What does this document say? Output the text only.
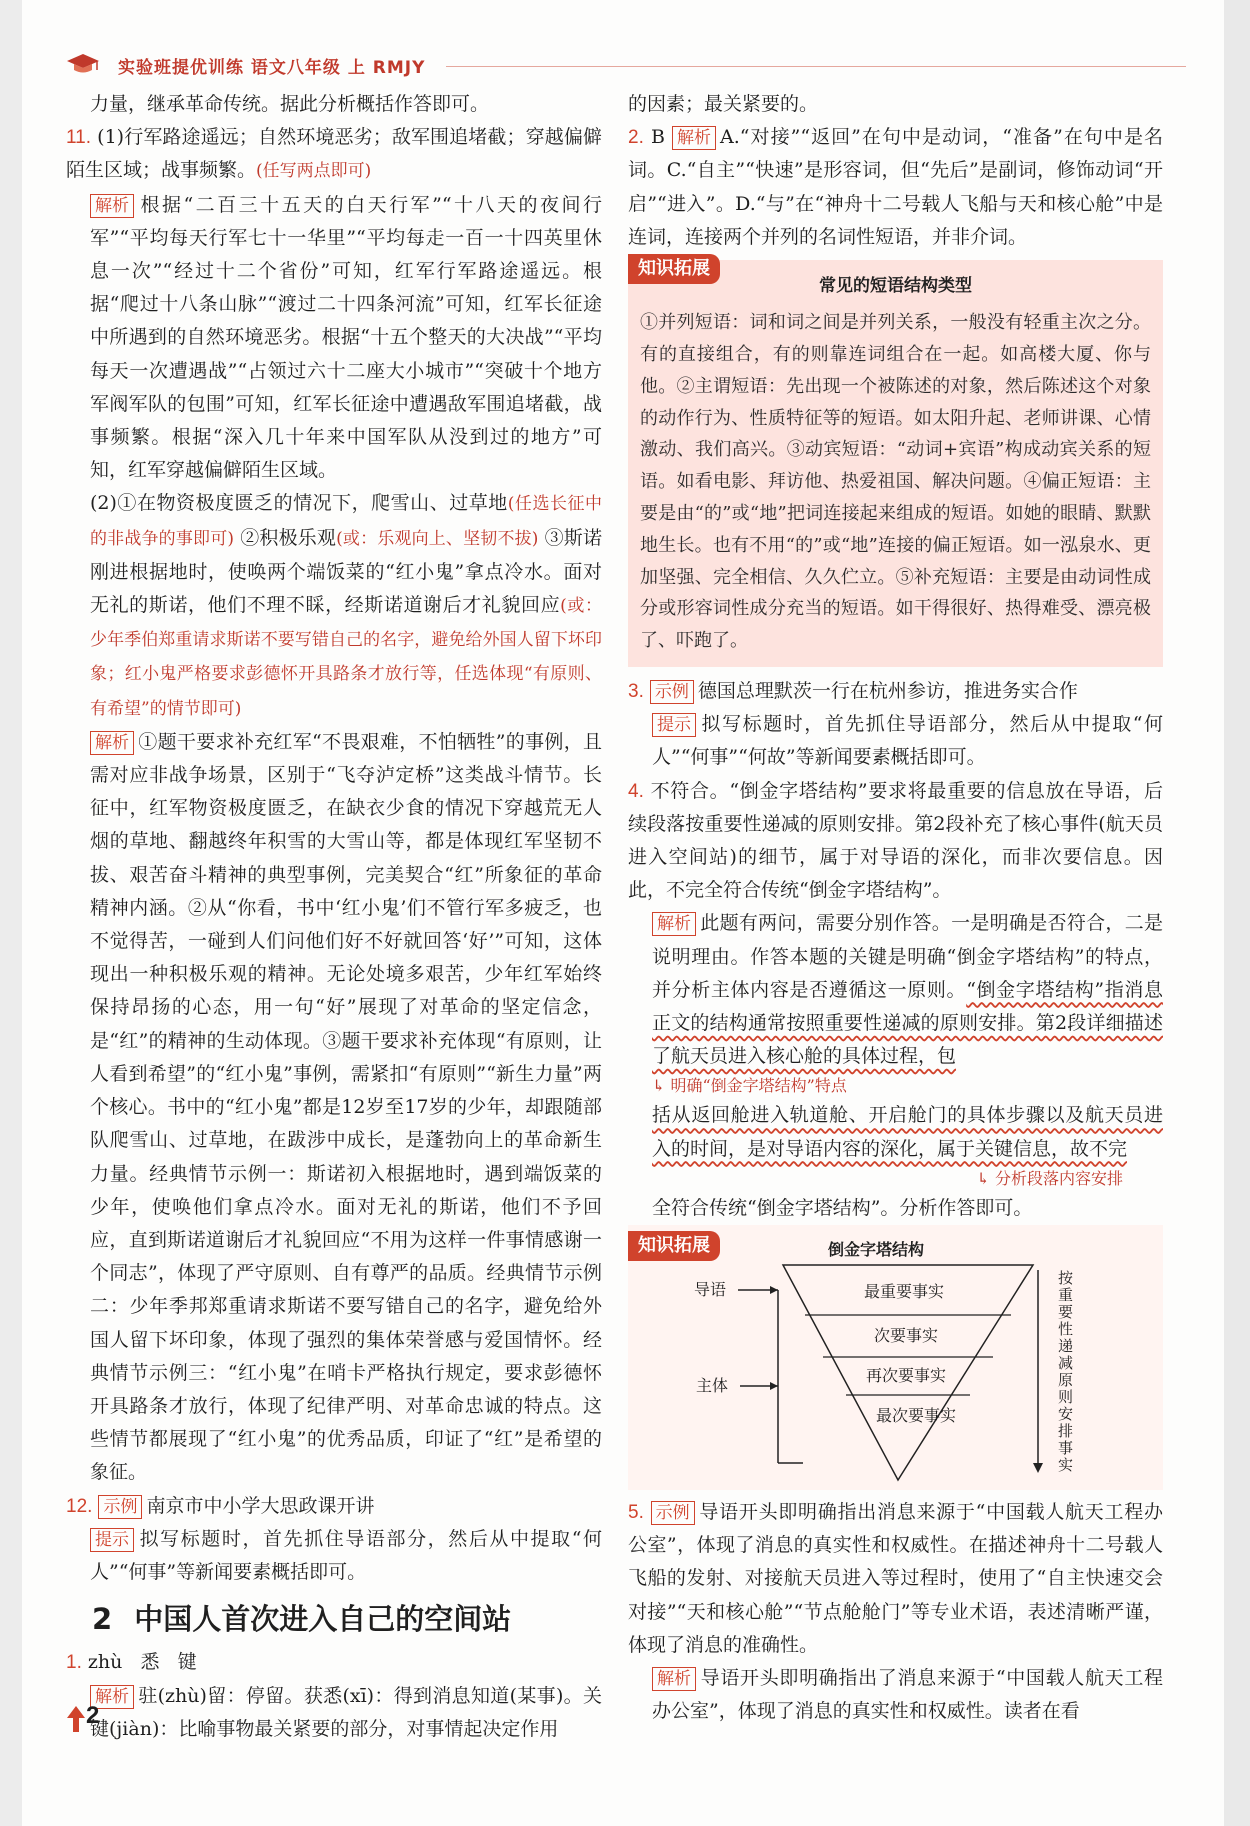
实验班提优训练 语文八年级 上 RMJY

力量，继承革命传统。据此分析概括作答即可。

11. (1)行军路途遥远；自然环境恶劣；敌军围追堵截；穿越偏僻陌生区域；战事频繁。(任写两点即可)

解析 根据“二百三十五天的白天行军”“十八天的夜间行军”“平均每天行军七十一华里”“平均每走一百一十四英里休息一次”“经过十二个省份”可知，红军行军路途遥远。根据“爬过十八条山脉”“渡过二十四条河流”可知，红军长征途中所遇到的自然环境恶劣。根据“十五个整天的大决战”“平均每天一次遭遇战”“占领过六十二座大小城市”“突破十个地方军阀军队的包围”可知，红军长征途中遭遇敌军围追堵截，战事频繁。根据“深入几十年来中国军队从没到过的地方”可知，红军穿越偏僻陌生区域。

(2)①在物资极度匮乏的情况下，爬雪山、过草地(任选长征中的非战争的事即可) ②积极乐观(或：乐观向上、坚韧不拔) ③斯诺刚进根据地时，使唤两个端饭菜的“红小鬼”拿点冷水。面对无礼的斯诺，他们不理不睬，经斯诺道谢后才礼貌回应(或：少年季伯郑重请求斯诺不要写错自己的名字，避免给外国人留下坏印象；红小鬼严格要求彭德怀开具路条才放行等，任选体现“有原则、有希望”的情节即可)

解析 ①题干要求补充红军“不畏艰难，不怕牺牲”的事例，且需对应非战争场景，区别于“飞夺泸定桥”这类战斗情节。长征中，红军物资极度匮乏，在缺衣少食的情况下穿越荒无人烟的草地、翻越终年积雪的大雪山等，都是体现红军坚韧不拔、艰苦奋斗精神的典型事例，完美契合“红”所象征的革命精神内涵。②从“你看，书中‘红小鬼’们不管行军多疲乏，也不觉得苦，一碰到人们问他们好不好就回答‘好’”可知，这体现出一种积极乐观的精神。无论处境多艰苦，少年红军始终保持昂扬的心态，用一句“好”展现了对革命的坚定信念，是“红”的精神的生动体现。③题干要求补充体现“有原则，让人看到希望”的“红小鬼”事例，需紧扣“有原则”“新生力量”两个核心。书中的“红小鬼”都是12岁至17岁的少年，却跟随部队爬雪山、过草地，在跋涉中成长，是蓬勃向上的革命新生力量。经典情节示例一：斯诺初入根据地时，遇到端饭菜的少年，使唤他们拿点冷水。面对无礼的斯诺，他们不予回应，直到斯诺道谢后才礼貌回应“不用为这样一件事情感谢一个同志”，体现了严守原则、自有尊严的品质。经典情节示例二：少年季邦郑重请求斯诺不要写错自己的名字，避免给外国人留下坏印象，体现了强烈的集体荣誉感与爱国情怀。经典情节示例三：“红小鬼”在哨卡严格执行规定，要求彭德怀开具路条才放行，体现了纪律严明、对革命忠诚的特点。这些情节都展现了“红小鬼”的优秀品质，印证了“红”是希望的象征。

12. 示例 南京市中小学大思政课开讲

提示 拟写标题时，首先抓住导语部分，然后从中提取“何人”“何事”等新闻要素概括即可。

2 中国人首次进入自己的空间站

1. zhù   悉   键

解析 驻(zhù)留：停留。获悉(xī)：得到消息知道(某事)。关键(jiàn)：比喻事物最关紧要的部分，对事情起决定作用

的因素；最关紧要的。

2. B 解析 A.“对接”“返回”在句中是动词，“准备”在句中是名词。C.“自主”“快速”是形容词，但“先后”是副词，修饰动词“开启”“进入”。D.“与”在“神舟十二号载人飞船与天和核心舱”中是连词，连接两个并列的名词性短语，并非介词。

知识拓展
常见的短语结构类型
①并列短语：词和词之间是并列关系，一般没有轻重主次之分。有的直接组合，有的则靠连词组合在一起。如高楼大厦、你与他。②主谓短语：先出现一个被陈述的对象，然后陈述这个对象的动作行为、性质特征等的短语。如太阳升起、老师讲课、心情激动、我们高兴。③动宾短语：“动词+宾语”构成动宾关系的短语。如看电影、拜访他、热爱祖国、解决问题。④偏正短语：主要是由“的”或“地”把词连接起来组成的短语。如她的眼睛、默默地生长。也有不用“的”或“地”连接的偏正短语。如一泓泉水、更加坚强、完全相信、久久伫立。⑤补充短语：主要是由动词性成分或形容词性成分充当的短语。如干得很好、热得难受、漂亮极了、吓跑了。

3. 示例 德国总理默茨一行在杭州参访，推进务实合作

提示 拟写标题时，首先抓住导语部分，然后从中提取“何人”“何事”“何故”等新闻要素概括即可。

4. 不符合。“倒金字塔结构”要求将最重要的信息放在导语，后续段落按重要性递减的原则安排。第2段补充了核心事件(航天员进入空间站)的细节，属于对导语的深化，而非次要信息。因此，不完全符合传统“倒金字塔结构”。

解析 此题有两问，需要分别作答。一是明确是否符合，二是说明理由。作答本题的关键是明确“倒金字塔结构”的特点，并分析主体内容是否遵循这一原则。“倒金字塔结构”指消息正文的结构通常按照重要性递减的原则安排。第2段详细描述了航天员进入核心舱的具体过程，包

↳ 明确“倒金字塔结构”特点

括从返回舱进入轨道舱、开启舱门的具体步骤以及航天员进入的时间，是对导语内容的深化，属于关键信息，故不完

↳ 分析段落内容安排

全符合传统“倒金字塔结构”。分析作答即可。

知识拓展	倒金字塔结构
导语
主体
最重要事实
次要事实
再次要事实
最次要事实
按重要性递减原则安排事实

5. 示例 导语开头即明确指出消息来源于“中国载人航天工程办公室”，体现了消息的真实性和权威性。在描述神舟十二号载人飞船的发射、对接航天员进入等过程时，使用了“自主快速交会对接”“天和核心舱”“节点舱舱门”等专业术语，表述清晰严谨，体现了消息的准确性。

解析 导语开头即明确指出了消息来源于“中国载人航天工程办公室”，体现了消息的真实性和权威性。读者在看

2
